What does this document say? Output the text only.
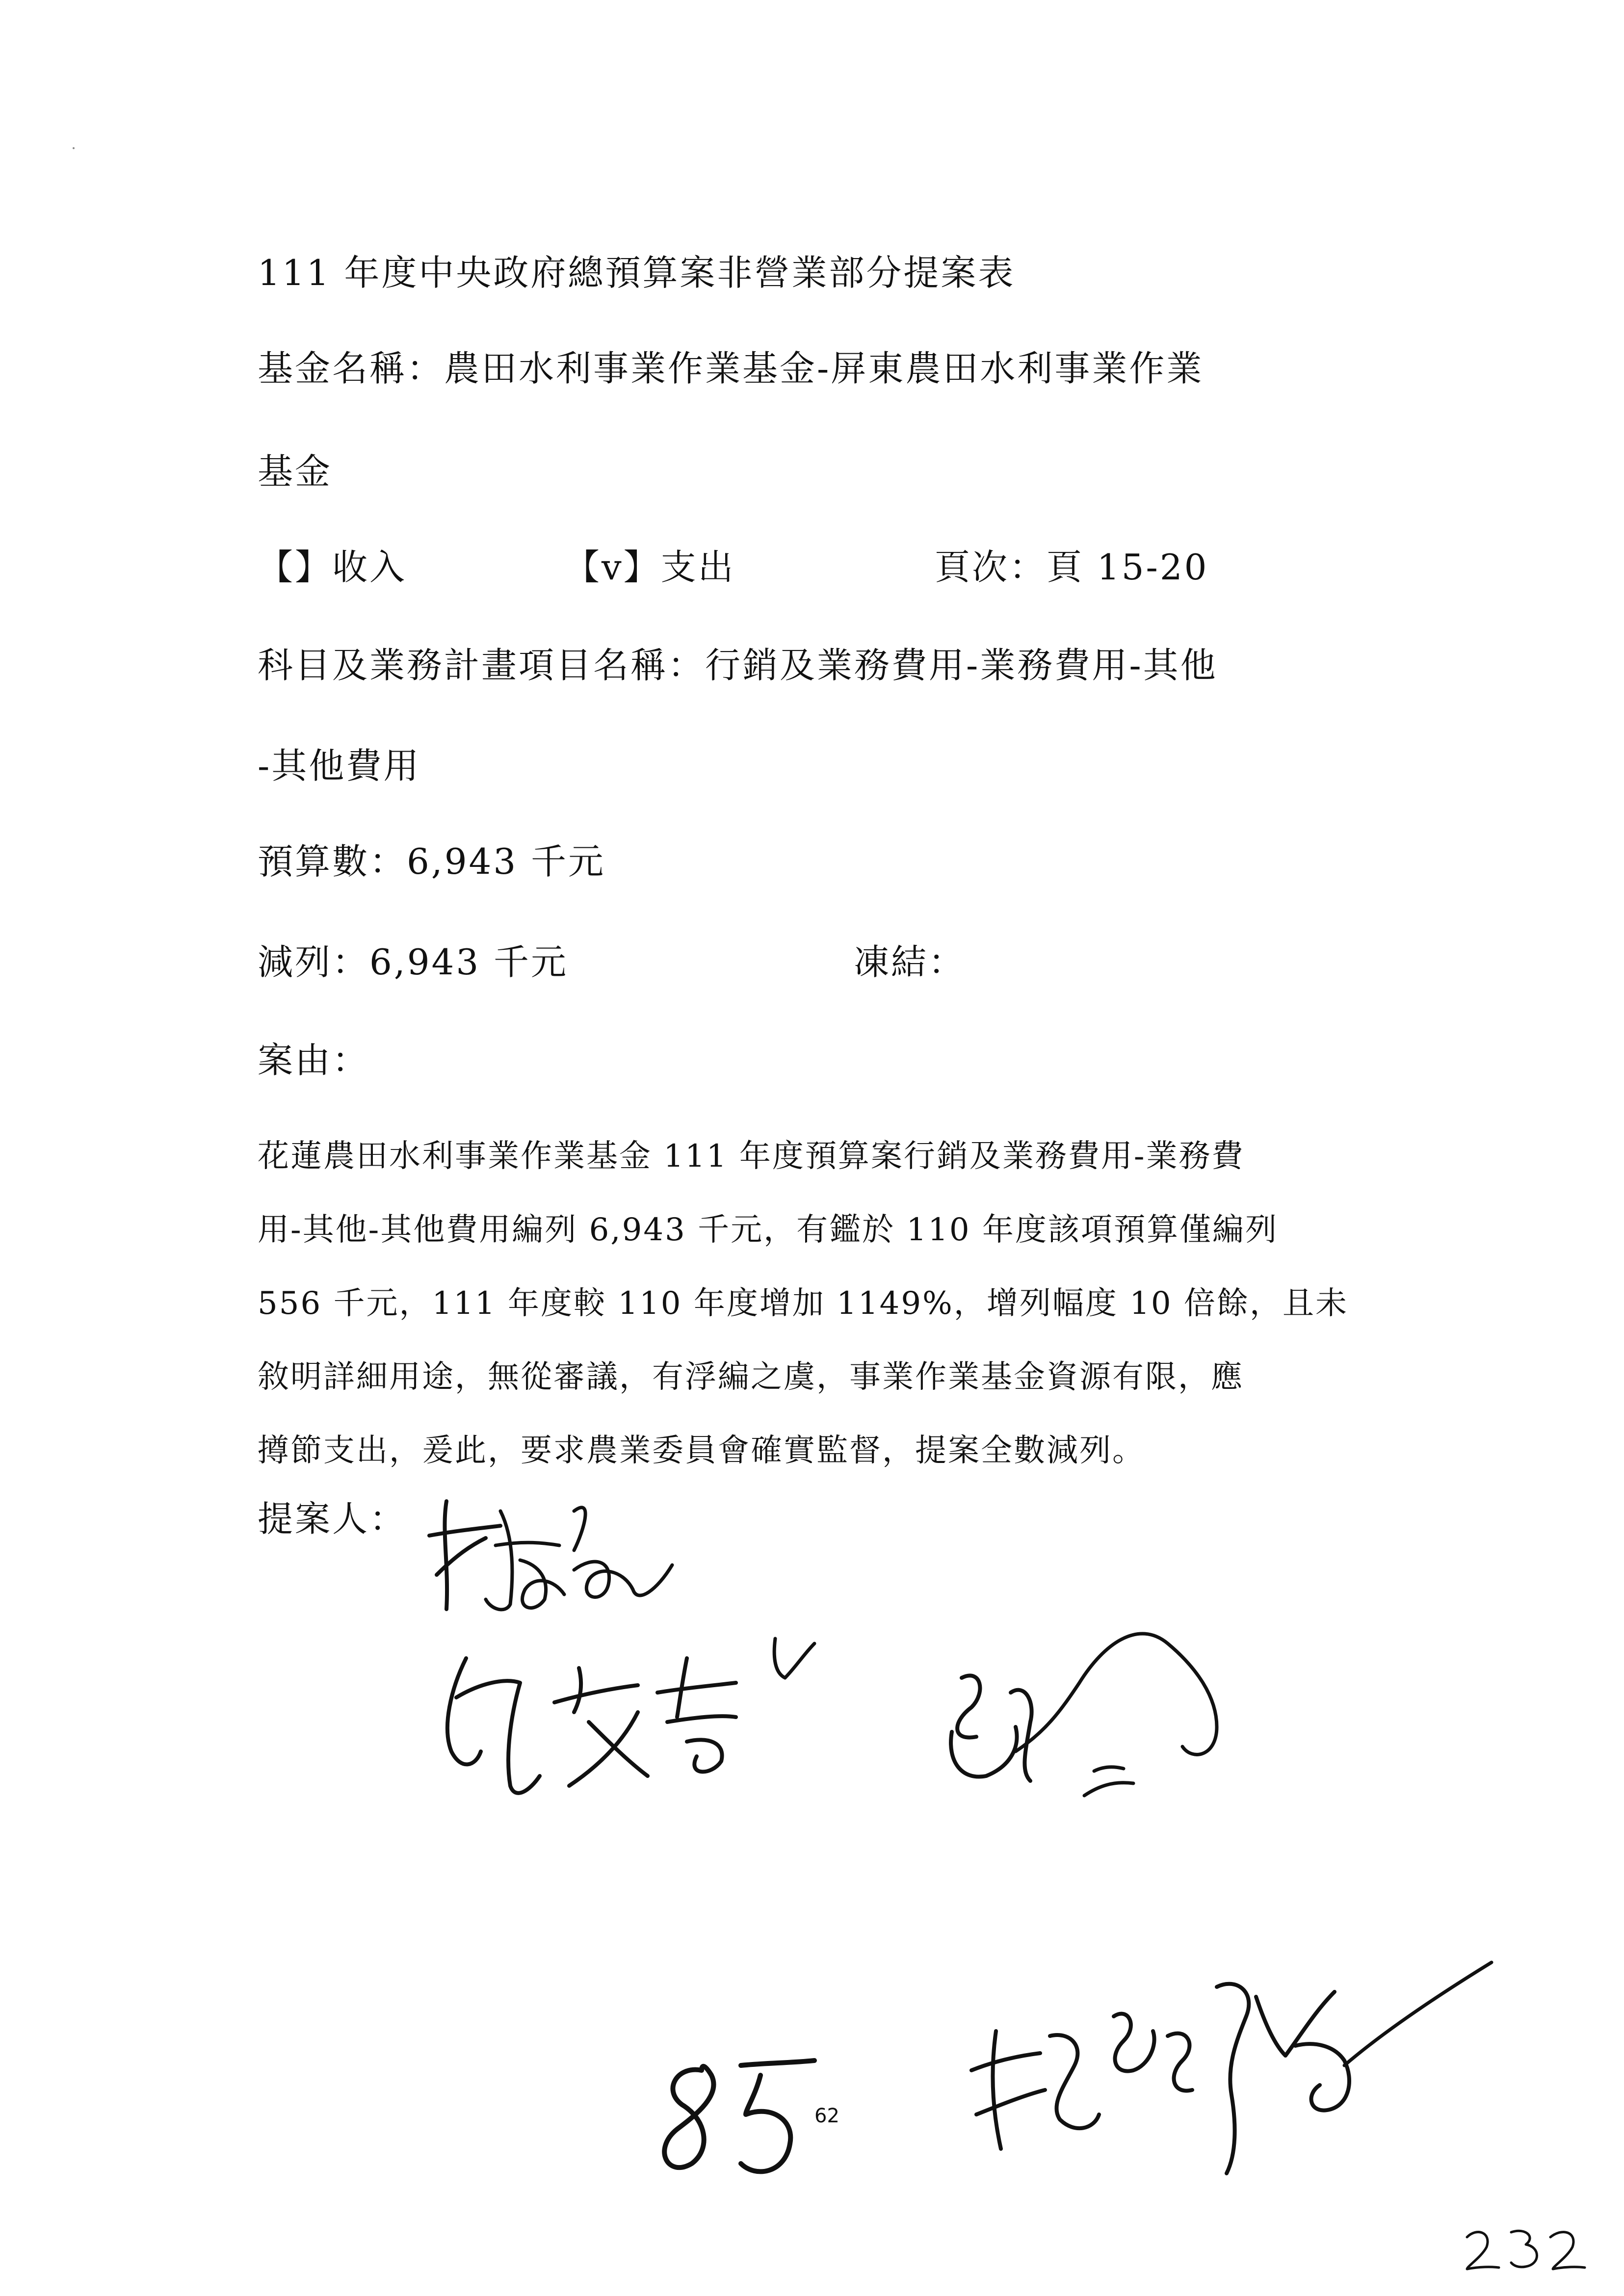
111 年度中央政府總預算案非營業部分提案表
基金名稱：農田水利事業作業基金-屏東農田水利事業作業
基金
【】收入	【v】支出	頁次：頁 15-20
科目及業務計畫項目名稱：行銷及業務費用-業務費用-其他
-其他費用
預算數：6,943 千元
減列：6,943 千元	凍結：
案由：
花蓮農田水利事業作業基金 111 年度預算案行銷及業務費用-業務費
用-其他-其他費用編列 6,943 千元，有鑑於 110 年度該項預算僅編列
556 千元，111 年度較 110 年度增加 1149%，增列幅度 10 倍餘，且未
敘明詳細用途，無從審議，有浮編之虞，事業作業基金資源有限，應
撙節支出，爰此，要求農業委員會確實監督，提案全數減列。
提案人：
62
